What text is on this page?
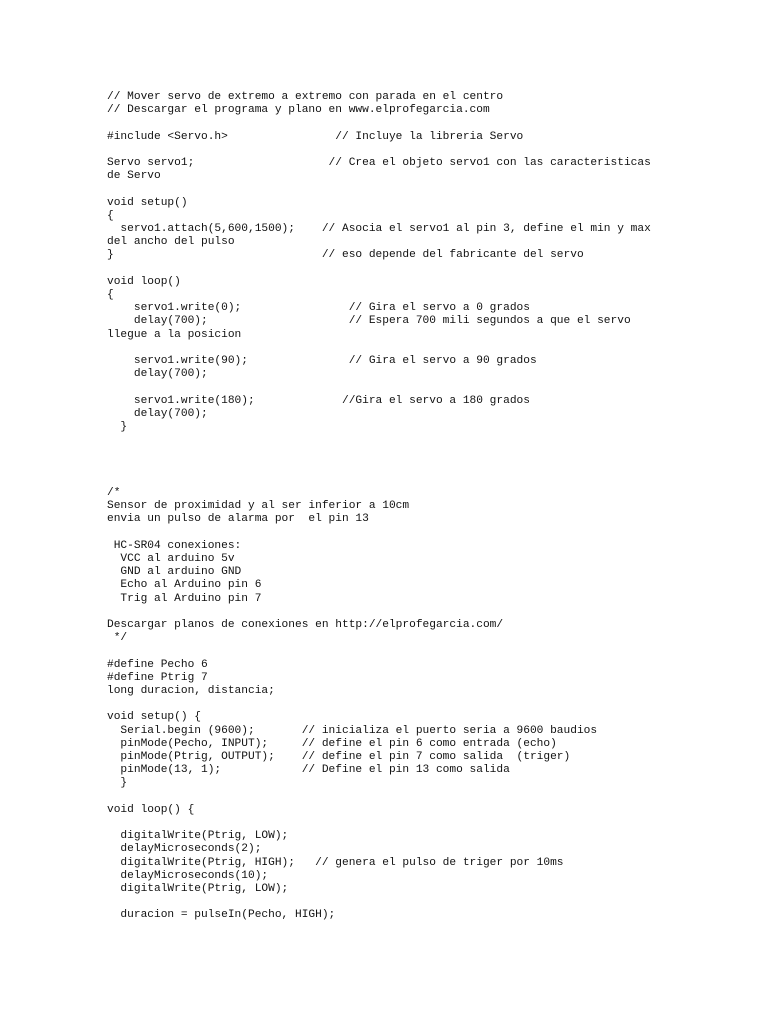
// Mover servo de extremo a extremo con parada en el centro
// Descargar el programa y plano en www.elprofegarcia.com
#include <Servo.h>                // Incluye la libreria Servo
Servo servo1;                    // Crea el objeto servo1 con las caracteristicas
de Servo
void setup()
{
servo1.attach(5,600,1500);    // Asocia el servo1 al pin 3, define el min y max
del ancho del pulso
}                               // eso depende del fabricante del servo
void loop()
{
servo1.write(0);                // Gira el servo a 0 grados
delay(700);                     // Espera 700 mili segundos a que el servo
llegue a la posicion
servo1.write(90);               // Gira el servo a 90 grados
delay(700);
servo1.write(180);             //Gira el servo a 180 grados
delay(700);
}
/*
Sensor de proximidad y al ser inferior a 10cm
envia un pulso de alarma por  el pin 13
HC-SR04 conexiones:
VCC al arduino 5v
GND al arduino GND
Echo al Arduino pin 6
Trig al Arduino pin 7
Descargar planos de conexiones en http://elprofegarcia.com/
*/
#define Pecho 6
#define Ptrig 7
long duracion, distancia;
void setup() {
Serial.begin (9600);       // inicializa el puerto seria a 9600 baudios
pinMode(Pecho, INPUT);     // define el pin 6 como entrada (echo)
pinMode(Ptrig, OUTPUT);    // define el pin 7 como salida  (triger)
pinMode(13, 1);            // Define el pin 13 como salida
}
void loop() {
digitalWrite(Ptrig, LOW);
delayMicroseconds(2);
digitalWrite(Ptrig, HIGH);   // genera el pulso de triger por 10ms
delayMicroseconds(10);
digitalWrite(Ptrig, LOW);
duracion = pulseIn(Pecho, HIGH);
